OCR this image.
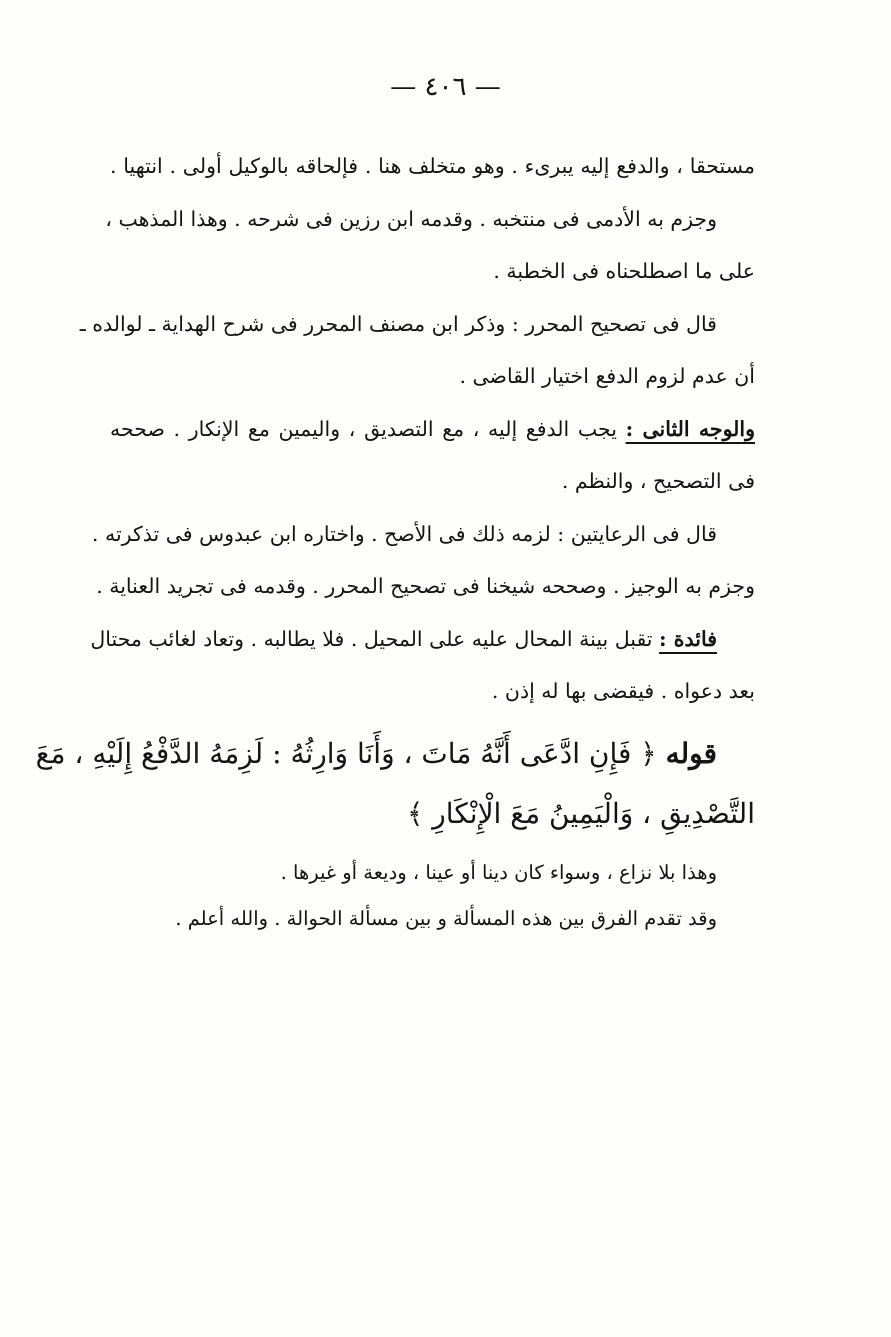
— ٤٠٦ —
مستحقا ، والدفع إليه يبرىء . وهو متخلف هنا . فإلحاقه بالوكيل أولى . انتهيا .
وجزم به الأدمى فى منتخبه . وقدمه ابن رزين فى شرحه . وهذا المذهب ،
على ما اصطلحناه فى الخطبة .
قال فى تصحيح المحرر : وذكر ابن مصنف المحرر فى شرح الهداية ـ لوالده ـ
أن عدم لزوم الدفع اختيار القاضى .
والوجه الثانى : يجب الدفع إليه ، مع التصديق ، واليمين مع الإنكار . صححه
فى التصحيح ، والنظم .
قال فى الرعايتين : لزمه ذلك فى الأصح . واختاره ابن عبدوس فى تذكرته .
وجزم به الوجيز . وصححه شيخنا فى تصحيح المحرر . وقدمه فى تجريد العناية .
فائدة : تقبل بينة المحال عليه على المحيل . فلا يطالبه . وتعاد لغائب محتال
بعد دعواه . فيقضى بها له إذن .
قوله ﴿ فَإِنِ ادَّعَى أَنَّهُ مَاتَ ، وَأَنَا وَارِثُهُ : لَزِمَهُ الدَّفْعُ إِلَيْهِ ، مَعَ
التَّصْدِيقِ ، وَالْيَمِينُ مَعَ الْإِنْكَارِ ﴾
وهذا بلا نزاع ، وسواء كان دينا أو عينا ، وديعة أو غيرها .
وقد تقدم الفرق بين هذه المسألة و بين مسألة الحوالة . والله أعلم .
